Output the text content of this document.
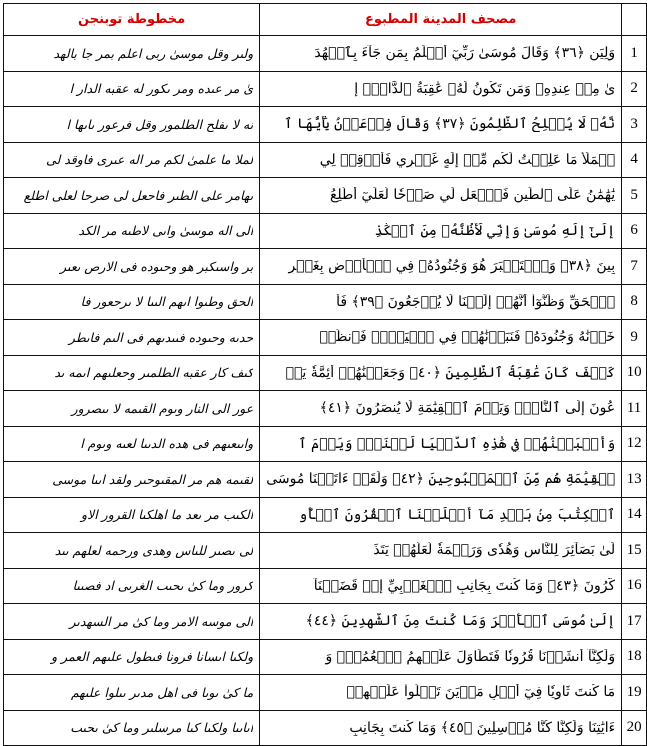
مخطوطة توبنجن	مصحف المدينة المطبوع	

ولىر وقل موسىٰ ربى اعلم بمر جا بالهد	وَلِيَن ﴿٣٦﴾ وَقَالَ مُوسَىٰ رَبِّيٓ أَعۡلَمُ بِمَن جَآءَ بِٱلۡهُدَ	1

ىٰ مر عىده ومر ىكور له عقبه الدار ا	ىٰ مِنۡ عِندِهِۦ وَمَن تَكُونُ لَهُۥ عَٰقِبَةُ ٱلدَّارِۖ إ	2

نه لا ىفلح الطلمور وقل فرعور ىاىها ا	نَّهُۥ لَا يُفۡلِحُ ٱلظَّٰلِمُونَ ﴿٣٧﴾ وَقَالَ فِرۡعَوۡنُ يَٰٓأَيُّهَا ٱ	3

لملا ما علمىٰ لكم مر اله عىرى فاوقد لى	لۡمَلَأُ مَا عَلِمۡتُ لَكُم مِّنۡ إِلَٰهٍ غَيۡرِي فَأَوۡقِدۡ لِي	4

ىهامر على الطىر فاحعل لى صرحا لعلى اطلع	يَٰهَٰمَٰنُ عَلَى ٱلطِّينِ فَٱجۡعَل لِّي صَرۡحٗا لَّعَلِّيٓ أَطَّلِعُ	5

الى اله موسىٰ واىى لاطىه مر الكد	إِلَىٰٓ إِلَٰهِ مُوسَىٰ وَإِنِّي لَأَظُنُّهُۥ مِنَ ٱلۡكَٰذِ	6

بر واسىكبر هو وحىوده فى الارص ىعىر	بِينَ ﴿٣٨﴾ وَٱسۡتَكۡبَرَ هُوَ وَجُنُودُهُۥ فِي ٱلۡأَرۡضِ بِغَيۡرِ	7

الحق وطىوا اىهم الىىا لا ىرحعور فا	ٱلۡحَقِّ وَظَنُّوٓاْ أَنَّهُمۡ إِلَيۡنَا لَا يُرۡجَعُونَ ﴿٣٩﴾ فَأَ	8

حدىه وحىوده فىىدىهم فى الىم فاىطر	خَذۡنَٰهُ وَجُنُودَهُۥ فَنَبَذۡنَٰهُمۡ فِي ٱلۡيَمِّۖ فَٱنظُرۡ	9

كىف كار عقبه الطلمىر وحعلىهم اىمه ىد	كَيۡفَ كَانَ عَٰقِبَةُ ٱلظَّٰلِمِينَ ﴿٤٠﴾ وَجَعَلۡنَٰهُمۡ أَئِمَّةٗ يَدۡ	10

عور الى النار وىوم القىمه لا ىىصرور	عُونَ إِلَى ٱلنَّارِۖ وَيَوۡمَ ٱلۡقِيَٰمَةِ لَا يُنصَرُونَ ﴿٤١﴾	11

واىىعىهم فى هده الدىىا لعىه وىوم ا	وَأَتۡبَعۡنَٰهُمۡ فِي هَٰذِهِ ٱلدُّنۡيَا لَعۡنَةٗۖ وَيَوۡمَ ٱ	12

لقىمه هم مر المقىوحىر ولقد اىىا موسى	لۡقِيَٰمَةِ هُم مِّنَ ٱلۡمَقۡبُوحِينَ ﴿٤٢﴾ وَلَقَدۡ ءَاتَيۡنَا مُوسَى	13

الكىب مر ىعد ما اهلكىا القرور الاو	ٱلۡكِتَٰبَ مِنۢ بَعۡدِ مَآ أَهۡلَكۡنَا ٱلۡقُرُونَ ٱلۡأُو	14

لى ىصىر للىاس وهدى ورحمه لعلهم ىىد	لَىٰ بَصَآئِرَ لِلنَّاسِ وَهُدٗى وَرَحۡمَةٗ لَّعَلَّهُمۡ يَتَذَ	15

كرور وما كىٰ ىحىٮ الغرىى اد فصىىا	كَّرُونَ ﴿٤٣﴾ وَمَا كُنتَ بِجَانِبِ ٱلۡغَرۡبِيِّ إِذۡ قَضَيۡنَآ	16

الى موسه الامر وما كىٰ مر السهدىر	إِلَىٰ مُوسَى ٱلۡأَمۡرَ وَمَا كُنتَ مِنَ ٱلشَّٰهِدِينَ ﴿٤٤﴾	17

ولكىا اىسانا فرونا فىطول علىهم العمر و	وَلَٰكِنَّآ أَنشَأۡنَا قُرُونٗا فَتَطَاوَلَ عَلَيۡهِمُ ٱلۡعُمُرُۚ وَ	18

ما كىٰ ىوىا فى اهل مدىر ىىلوا علىهم	مَا كُنتَ ثَاوِيٗا فِيٓ أَهۡلِ مَدۡيَنَ تَتۡلُواْ عَلَيۡهِمۡ	19

اىاىىا ولكىا كىا مرسلىر وما كىٰ ىحىٮ	ءَايَٰتِنَا وَلَٰكِنَّا كُنَّا مُرۡسِلِينَ ﴿٤٥﴾ وَمَا كُنتَ بِجَانِبِ	20
